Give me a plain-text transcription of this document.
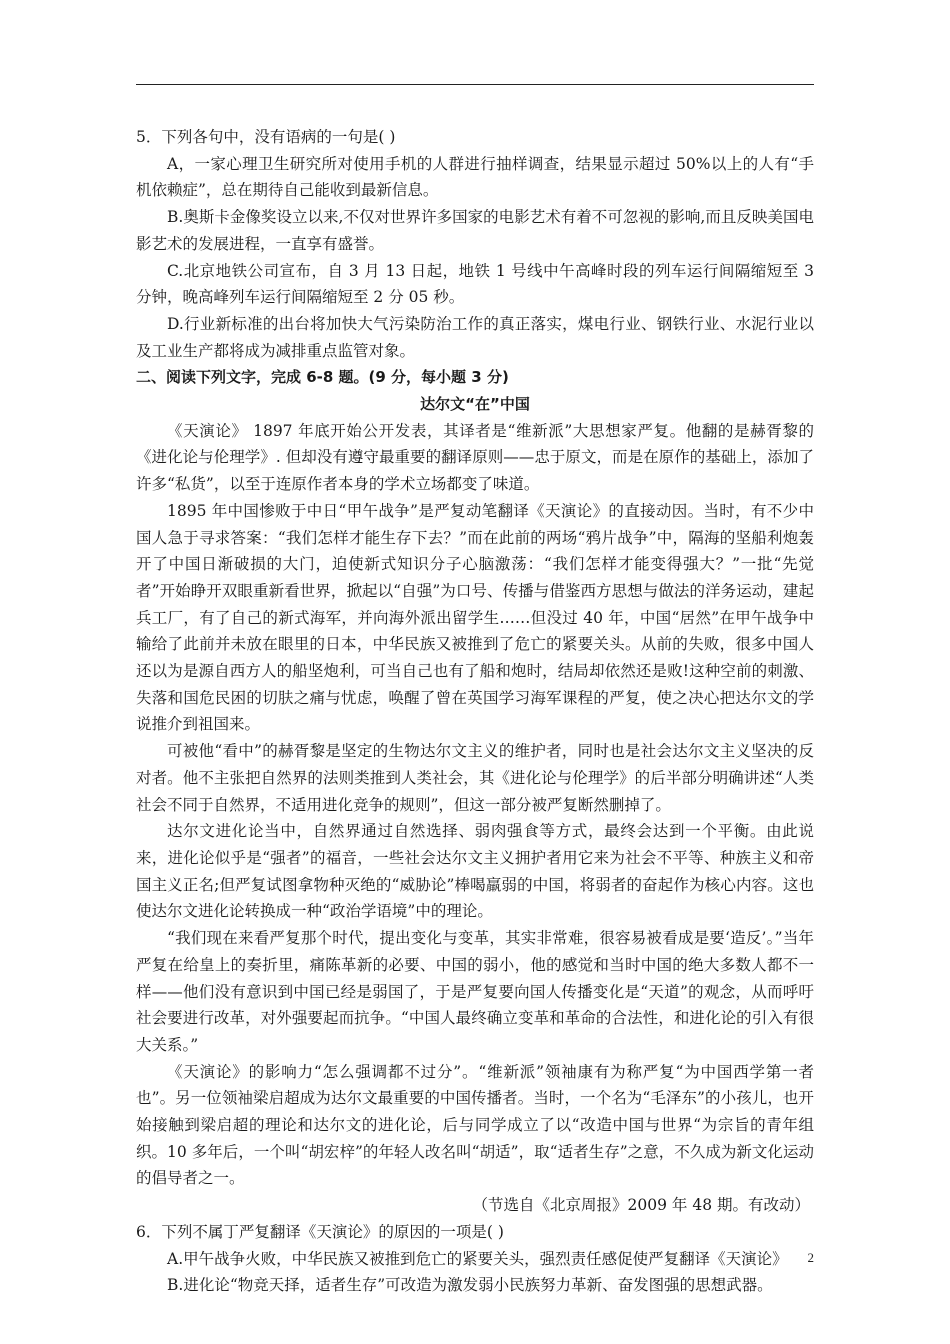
5．下列各句中，没有语病的一句是( )

A，一家心理卫生研究所对使用手机的人群进行抽样调查，结果显示超过 50%以上的人有“手机依赖症”，总在期待自己能收到最新信息。

B.奥斯卡金像奖设立以来,不仅对世界许多国家的电影艺术有着不可忽视的影响,而且反映美国电影艺术的发展进程，一直享有盛誉。

C.北京地铁公司宣布，自 3 月 13 日起，地铁 1 号线中午高峰时段的列车运行间隔缩短至 3 分钟，晚高峰列车运行间隔缩短至 2 分 05 秒。

D.行业新标准的出台将加快大气污染防治工作的真正落实，煤电行业、钢铁行业、水泥行业以及工业生产都将成为减排重点监管对象。

二、阅读下列文字，完成 6-8 题。(9 分，每小题 3 分)

达尔文“在”中国

《天演论》 1897 年底开始公开发表，其译者是“维新派”大思想家严复。他翻的是赫胥黎的《进化论与伦理学》. 但却没有遵守最重要的翻译原则——忠于原文，而是在原作的基础上，添加了许多“私货”，以至于连原作者本身的学术立场都变了味道。

1895 年中国惨败于中日“甲午战争”是严复动笔翻译《天演论》的直接动因。当时，有不少中国人急于寻求答案：“我们怎样才能生存下去？”而在此前的两场“鸦片战争”中，隔海的坚船利炮轰开了中国日渐破损的大门，迫使新式知识分子心脑激荡：“我们怎样才能变得强大？”一批“先觉者”开始睁开双眼重新看世界，掀起以“自强”为口号、传播与借鉴西方思想与做法的洋务运动，建起兵工厂，有了自己的新式海军，并向海外派出留学生……但没过 40 年，中国“居然”在甲午战争中输给了此前并未放在眼里的日本，中华民族又被推到了危亡的紧要关头。从前的失败，很多中国人还以为是源自西方人的船坚炮利，可当自己也有了船和炮时，结局却依然还是败!这种空前的刺激、失落和国危民困的切肤之痛与忧虑，唤醒了曾在英国学习海军课程的严复，使之决心把达尔文的学说推介到祖国来。

可被他“看中”的赫胥黎是坚定的生物达尔文主义的维护者，同时也是社会达尔文主义坚决的反对者。他不主张把自然界的法则类推到人类社会，其《进化论与伦理学》的后半部分明确讲述“人类社会不同于自然界，不适用进化竞争的规则”，但这一部分被严复断然删掉了。

达尔文进化论当中，自然界通过自然选择、弱肉强食等方式，最终会达到一个平衡。由此说来，进化论似乎是“强者”的福音，一些社会达尔文主义拥护者用它来为社会不平等、种族主义和帝国主义正名;但严复试图拿物种灭绝的“威胁论”棒喝羸弱的中国，将弱者的奋起作为核心内容。这也使达尔文进化论转换成一种“政治学语境”中的理论。

“我们现在来看严复那个时代，提出变化与变革，其实非常难，很容易被看成是要‘造反’。”当年严复在给皇上的奏折里，痛陈革新的必要、中国的弱小，他的感觉和当时中国的绝大多数人都不一样——他们没有意识到中国已经是弱国了，于是严复要向国人传播变化是“天道”的观念，从而呼吁社会要进行改革，对外强要起而抗争。“中国人最终确立变革和革命的合法性，和进化论的引入有很大关系。”

《天演论》的影响力“怎么强调都不过分”。“维新派”领袖康有为称严复“为中国西学第一者也”。另一位领袖梁启超成为达尔文最重要的中国传播者。当时，一个名为“毛泽东”的小孩儿，也开始接触到梁启超的理论和达尔文的进化论，后与同学成立了以“改造中国与世界“为宗旨的青年组织。10 多年后，一个叫“胡宏梓”的年轻人改名叫“胡适”，取“适者生存”之意，不久成为新文化运动的倡导者之一。

（节选自《北京周报》2009 年 48 期。有改动）

6．下列不属丁严复翻译《天演论》的原因的一项是( )

A.甲午战争火败，中华民族又被推到危亡的紧要关头，强烈责任感促使严复翻译《天演论》

B.进化论“物竞天择，适者生存”可改造为激发弱小民族努力革新、奋发图强的思想武器。

2
